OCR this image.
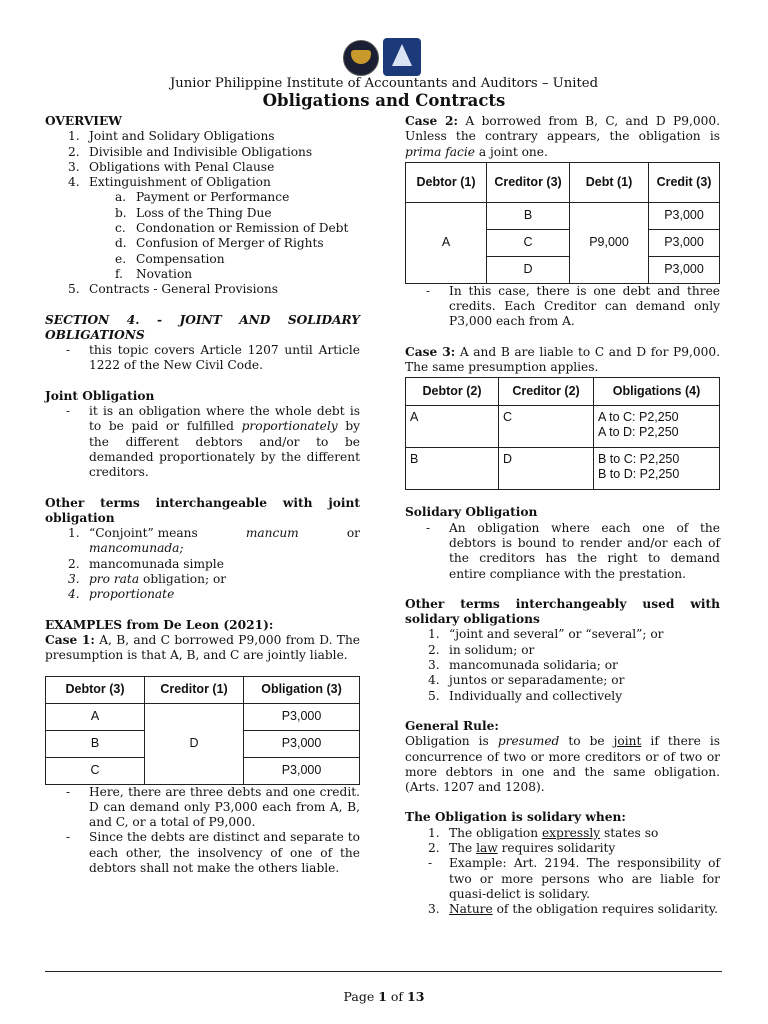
Junior Philippine Institute of Accountants and Auditors – United
Obligations and Contracts

OVERVIEW

1. Joint and Solidary Obligations
2. Divisible and Indivisible Obligations
3. Obligations with Penal Clause
4. Extinguishment of Obligation
a. Payment or Performance
b. Loss of the Thing Due
c. Condonation or Remission of Debt
d. Confusion of Merger of Rights
e. Compensation
f.	Novation
5. Contracts - General Provisions

SECTION 4. - JOINT AND SOLIDARY

OBLIGATIONS

-	this topic covers Article 1207 until Article 1222 of the New Civil Code.

Joint Obligation

-	it is an obligation where the whole debt is to be paid or fulfilled proportionately by the different debtors and/or to be demanded proportionately by the different creditors.

Other terms interchangeable with joint obligation

1. “Conjoint” means	mancum	or
mancomunada;
2. mancomunada simple
3. pro rata obligation; or
4. proportionate

EXAMPLES from De Leon (2021):

Case 1: A, B, and C borrowed P9,000 from D. The presumption is that A, B, and C are jointly liable.

Debtor (3)	Creditor (1)	Obligation (3)
A	D	P3,000
B		P3,000
C		P3,000
-	Here, there are three debts and one credit. D can demand only P3,000 each from A, B, and C, or a total of P9,000.
-	Since the debts are distinct and separate to each other, the insolvency of one of the debtors shall not make the others liable.

Case 2: A borrowed from B, C, and D P9,000. Unless the contrary appears, the obligation is prima facie a joint one.

Debtor (1)	Creditor (3)	Debt (1)	Credit (3)
A	B	P9,000	P3,000
	C		P3,000
	D		P3,000
-	In this case, there is one debt and three credits. Each Creditor can demand only P3,000 each from A.

Case 3: A and B are liable to C and D for P9,000. The same presumption applies.

Debtor (2)	Creditor (2)	Obligations (4)
A	C	A to C: P2,250
A to D: P2,250

B	D	B to C: P2,250
B to D: P2,250

Solidary Obligation

-	An obligation where each one of the debtors is bound to render and/or each of the creditors has the right to demand entire compliance with the prestation.

Other terms interchangeably used with solidary obligations

1. “joint and several” or “several”; or
2. in solidum; or
3. mancomunada solidaria; or
4. juntos or separadamente; or
5. Individually and collectively

General Rule:

Obligation is presumed to be joint if there is concurrence of two or more creditors or of two or more debtors in one and the same obligation. (Arts. 1207 and 1208).

The Obligation is solidary when:

1. The obligation expressly states so
2. The law requires solidarity
-	Example: Art. 2194. The responsibility of two or more persons who are liable for quasi-delict is solidary.
3. Nature of the obligation requires solidarity.
Page 1 of 13
